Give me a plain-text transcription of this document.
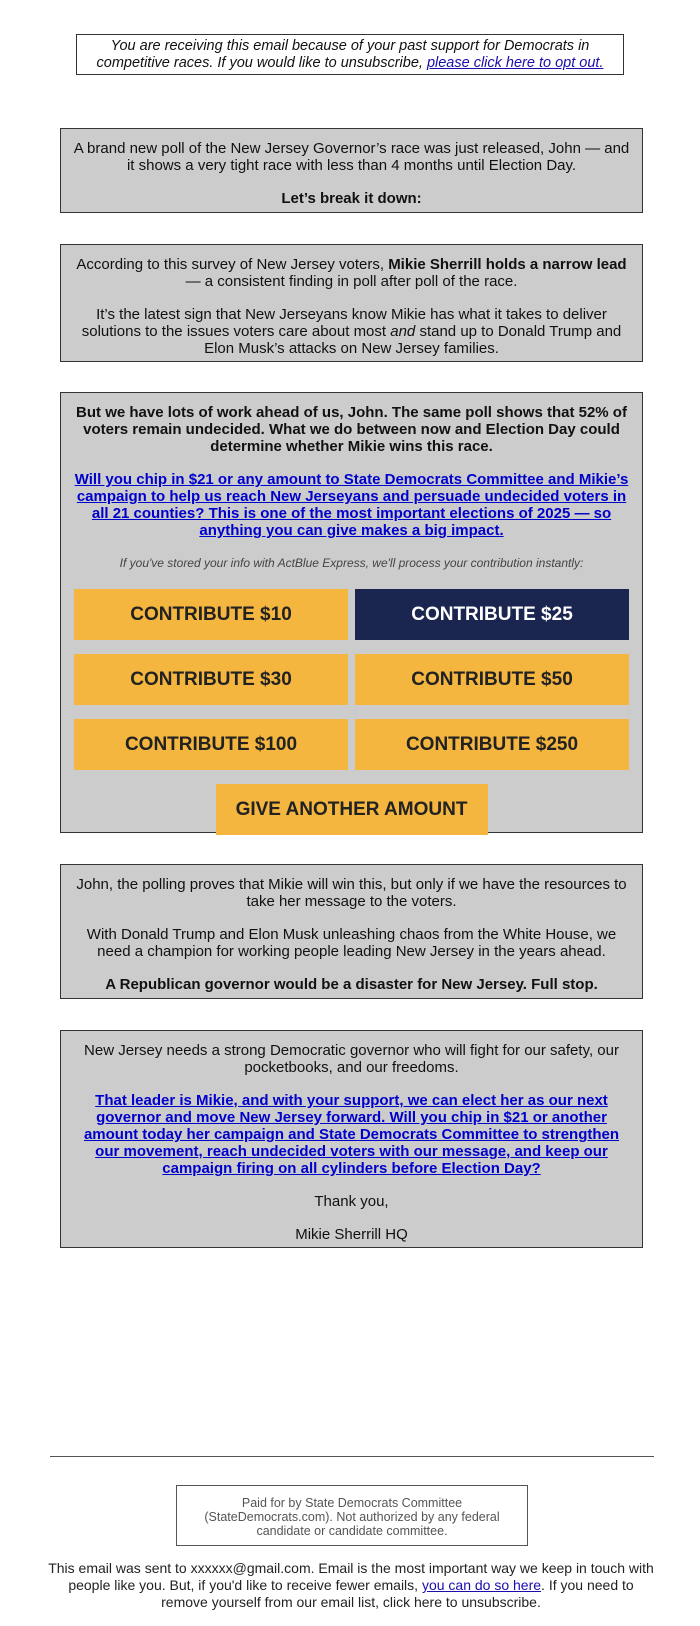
You are receiving this email because of your past support for Democrats in competitive races. If you would like to unsubscribe, please click here to opt out.

A brand new poll of the New Jersey Governor’s race was just released, John — and it shows a very tight race with less than 4 months until Election Day.

Let’s break it down:

According to this survey of New Jersey voters, Mikie Sherrill holds a narrow lead — a consistent finding in poll after poll of the race.

It’s the latest sign that New Jerseyans know Mikie has what it takes to deliver solutions to the issues voters care about most and stand up to Donald Trump and Elon Musk’s attacks on New Jersey families.

But we have lots of work ahead of us, John. The same poll shows that 52% of voters remain undecided. What we do between now and Election Day could determine whether Mikie wins this race.

Will you chip in $21 or any amount to State Democrats Committee and Mikie’s campaign to help us reach New Jerseyans and persuade undecided voters in all 21 counties? This is one of the most important elections of 2025 — so anything you can give makes a big impact.

If you've stored your info with ActBlue Express, we'll process your contribution instantly:

CONTRIBUTE $10	CONTRIBUTE $25
CONTRIBUTE $30	CONTRIBUTE $50
CONTRIBUTE $100	CONTRIBUTE $250
GIVE ANOTHER AMOUNT

John, the polling proves that Mikie will win this, but only if we have the resources to take her message to the voters.

With Donald Trump and Elon Musk unleashing chaos from the White House, we need a champion for working people leading New Jersey in the years ahead.

A Republican governor would be a disaster for New Jersey. Full stop.

New Jersey needs a strong Democratic governor who will fight for our safety, our pocketbooks, and our freedoms.

That leader is Mikie, and with your support, we can elect her as our next governor and move New Jersey forward. Will you chip in $21 or another amount today her campaign and State Democrats Committee to strengthen our movement, reach undecided voters with our message, and keep our campaign firing on all cylinders before Election Day?

Thank you,

Mikie Sherrill HQ

Paid for by State Democrats Committee (StateDemocrats.com). Not authorized by any federal candidate or candidate committee.
This email was sent to xxxxxx@gmail.com. Email is the most important way we keep in touch with people like you. But, if you'd like to receive fewer emails, you can do so here. If you need to remove yourself from our email list, click here to unsubscribe.
